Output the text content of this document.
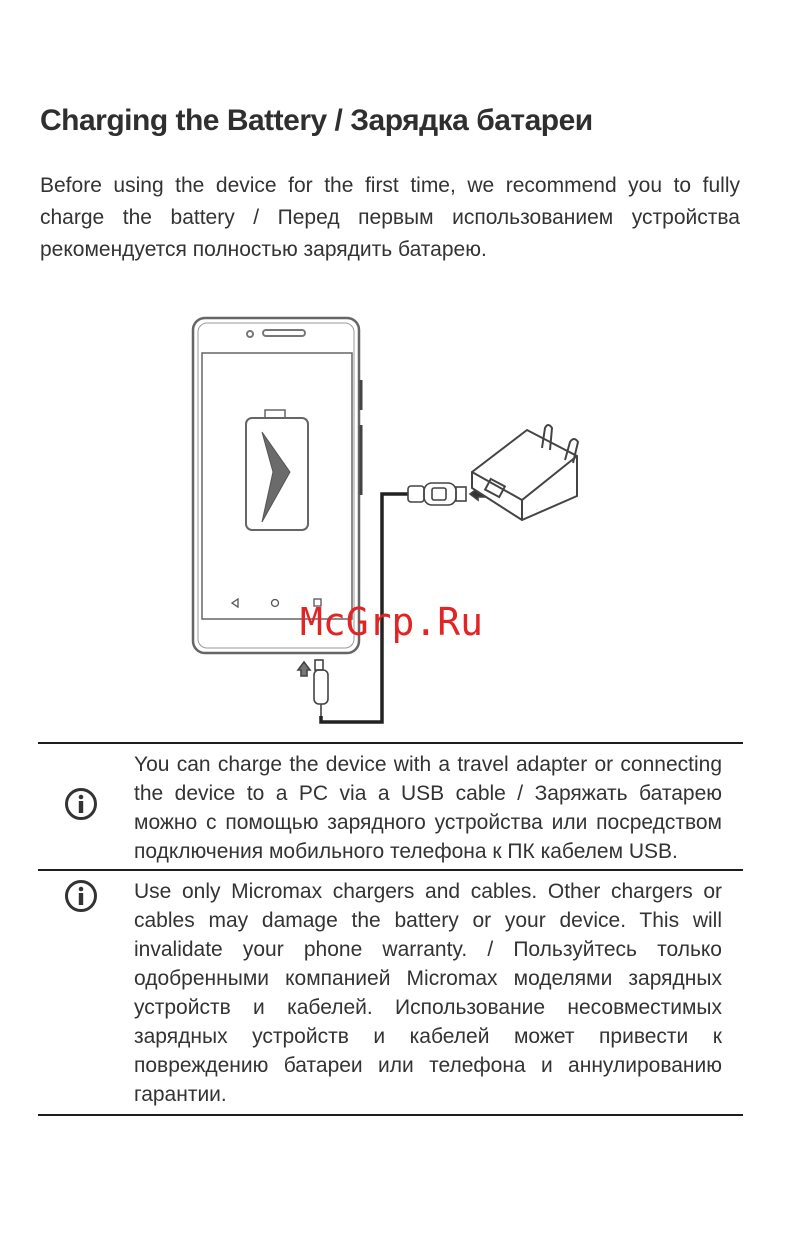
Charging the Battery / Зарядка батареи

Before using the device for the first time, we recommend you to fully charge the battery / Перед первым использованием устройства рекомендуется полностью зарядить батарею.

McGrp.Ru

You can charge the device with a travel adapter or connecting the device to a PC via a USB cable / Заряжать батарею можно с помощью зарядного устройства или посредством подключения мобильного телефона к ПК кабелем USB.

Use only Micromax chargers and cables. Other chargers or cables may damage the battery or your device. This will invalidate your phone warranty. / Пользуйтесь только одобренными компанией Micromax моделями зарядных устройств и кабелей. Использование несовместимых зарядных устройств и кабелей может привести к повреждению батареи или телефона и аннулированию гарантии.
